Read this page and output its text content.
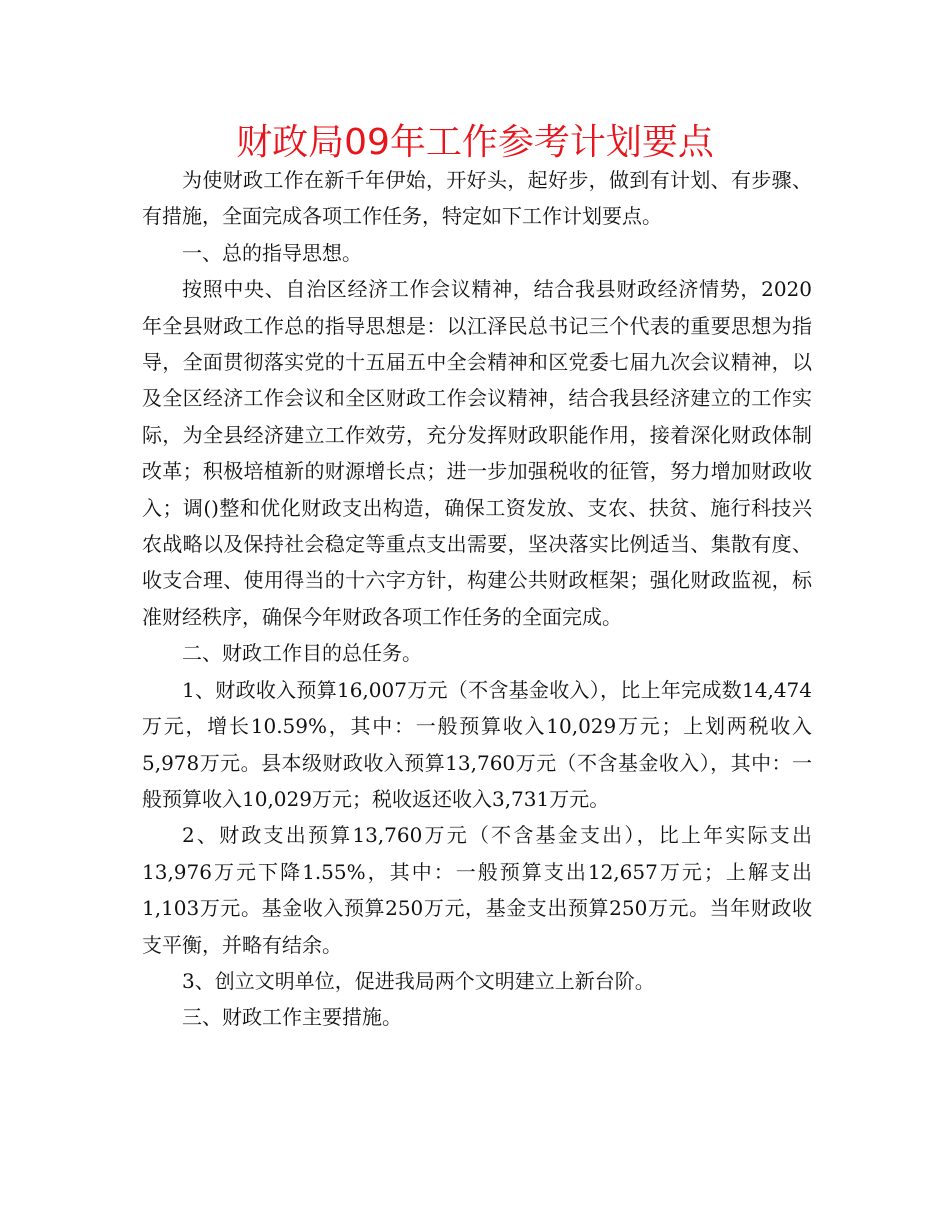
财政局09年工作参考计划要点

为使财政工作在新千年伊始，开好头，起好步，做到有计划、有步骤、有措施，全面完成各项工作任务，特定如下工作计划要点。

一、总的指导思想。

按照中央、自治区经济工作会议精神，结合我县财政经济情势，2020年全县财政工作总的指导思想是：以江泽民总书记三个代表的重要思想为指导，全面贯彻落实党的十五届五中全会精神和区党委七届九次会议精神，以及全区经济工作会议和全区财政工作会议精神，结合我县经济建立的工作实际，为全县经济建立工作效劳，充分发挥财政职能作用，接着深化财政体制改革；积极培植新的财源增长点；进一步加强税收的征管，努力增加财政收入；调()整和优化财政支出构造，确保工资发放、支农、扶贫、施行科技兴农战略以及保持社会稳定等重点支出需要，坚决落实比例适当、集散有度、收支合理、使用得当的十六字方针，构建公共财政框架；强化财政监视，标准财经秩序，确保今年财政各项工作任务的全面完成。

二、财政工作目的总任务。

1、财政收入预算16,007万元（不含基金收入），比上年完成数14,474万元，增长10.59%，其中：一般预算收入10,029万元；上划两税收入5,978万元。县本级财政收入预算13,760万元（不含基金收入），其中：一般预算收入10,029万元；税收返还收入3,731万元。

2、财政支出预算13,760万元（不含基金支出），比上年实际支出13,976万元下降1.55%，其中：一般预算支出12,657万元；上解支出1,103万元。基金收入预算250万元，基金支出预算250万元。当年财政收支平衡，并略有结余。

3、创立文明单位，促进我局两个文明建立上新台阶。

三、财政工作主要措施。
